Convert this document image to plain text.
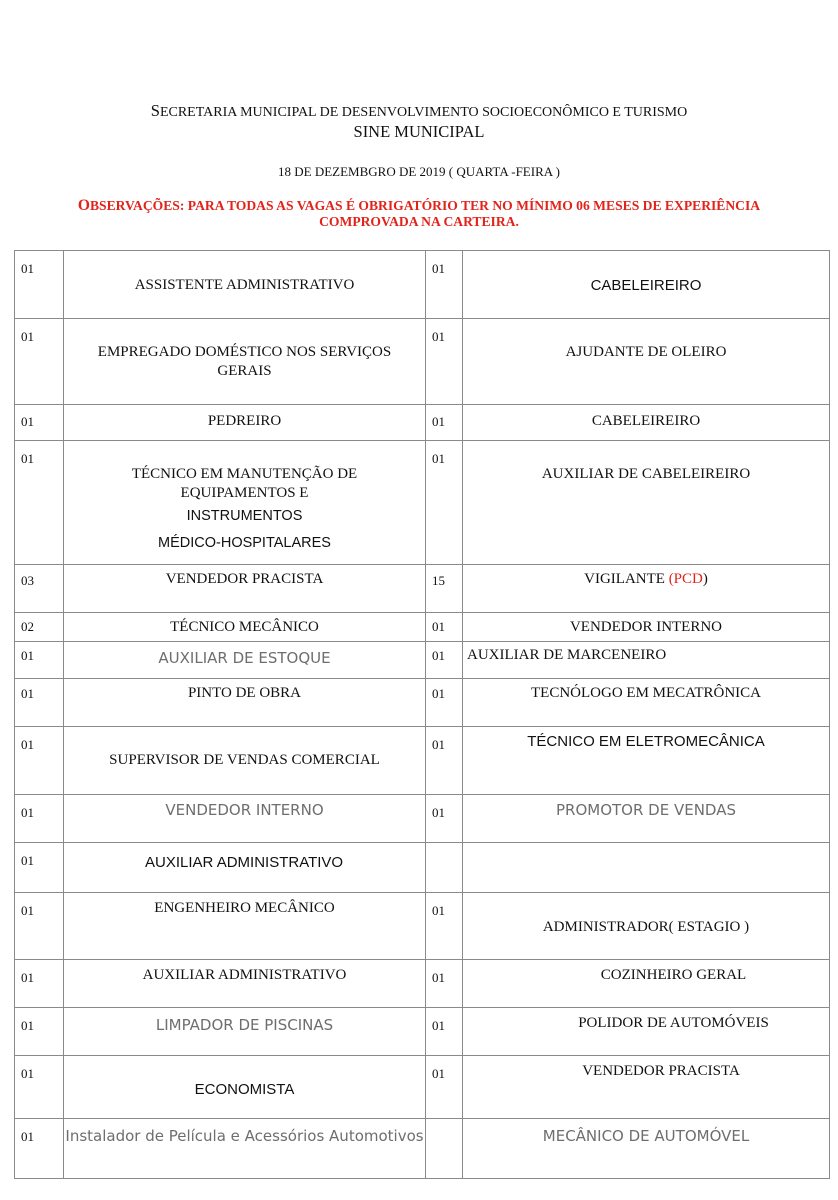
SECRETARIA MUNICIPAL DE DESENVOLVIMENTO SOCIOECONÔMICO E TURISMO
SINE MUNICIPAL
18 DE DEZEMBGRO DE 2019 ( QUARTA -FEIRA )
OBSERVAÇÕES: PARA TODAS AS VAGAS É OBRIGATÓRIO TER NO MÍNIMO 06 MESES DE EXPERIÊNCIA
COMPROVADA NA CARTEIRA.
01	ASSISTENTE ADMINISTRATIVO	01	CABELEIREIRO

01	EMPREGADO DOMÉSTICO NOS SERVIÇOS GERAIS	01	AJUDANTE DE OLEIRO

01	PEDREIRO	01	CABELEIREIRO

01	TÉCNICO EM MANUTENÇÃO DE EQUIPAMENTOS E
INSTRUMENTOS MÉDICO-HOSPITALARES	01	AUXILIAR DE CABELEIREIRO

03	VENDEDOR PRACISTA	15	VIGILANTE (PCD)

02	TÉCNICO MECÂNICO	01	VENDEDOR INTERNO

01	AUXILIAR DE ESTOQUE	01	AUXILIAR DE MARCENEIRO

01	PINTO DE OBRA	01	TECNÓLOGO EM MECATRÔNICA

01	SUPERVISOR DE VENDAS COMERCIAL	01	TÉCNICO EM ELETROMECÂNICA

01	VENDEDOR INTERNO	01	PROMOTOR DE VENDAS

01	AUXILIAR ADMINISTRATIVO		

01	ENGENHEIRO MECÂNICO	01	ADMINISTRADOR( ESTAGIO )

01	AUXILIAR ADMINISTRATIVO	01	COZINHEIRO GERAL

01	LIMPADOR DE PISCINAS	01	POLIDOR DE AUTOMÓVEIS

01	ECONOMISTA	01	VENDEDOR PRACISTA

01	Instalador de Película e Acessórios Automotivos		MECÂNICO DE AUTOMÓVEL
